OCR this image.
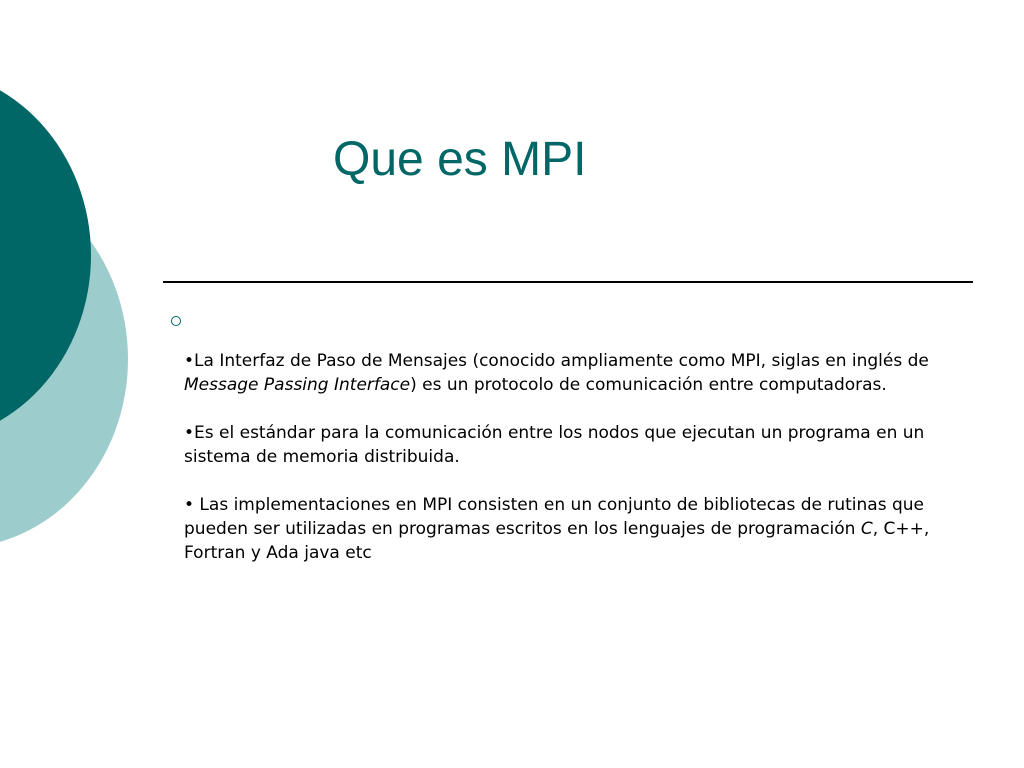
Que es MPI

•La Interfaz de Paso de Mensajes (conocido ampliamente como MPI, siglas en inglés de Message Passing Interface) es un protocolo de comunicación entre computadoras.

•Es el estándar para la comunicación entre los nodos que ejecutan un programa en un sistema de memoria distribuida.

• Las implementaciones en MPI consisten en un conjunto de bibliotecas de rutinas que pueden ser utilizadas en programas escritos en los lenguajes de programación C, C++, Fortran y Ada java etc
